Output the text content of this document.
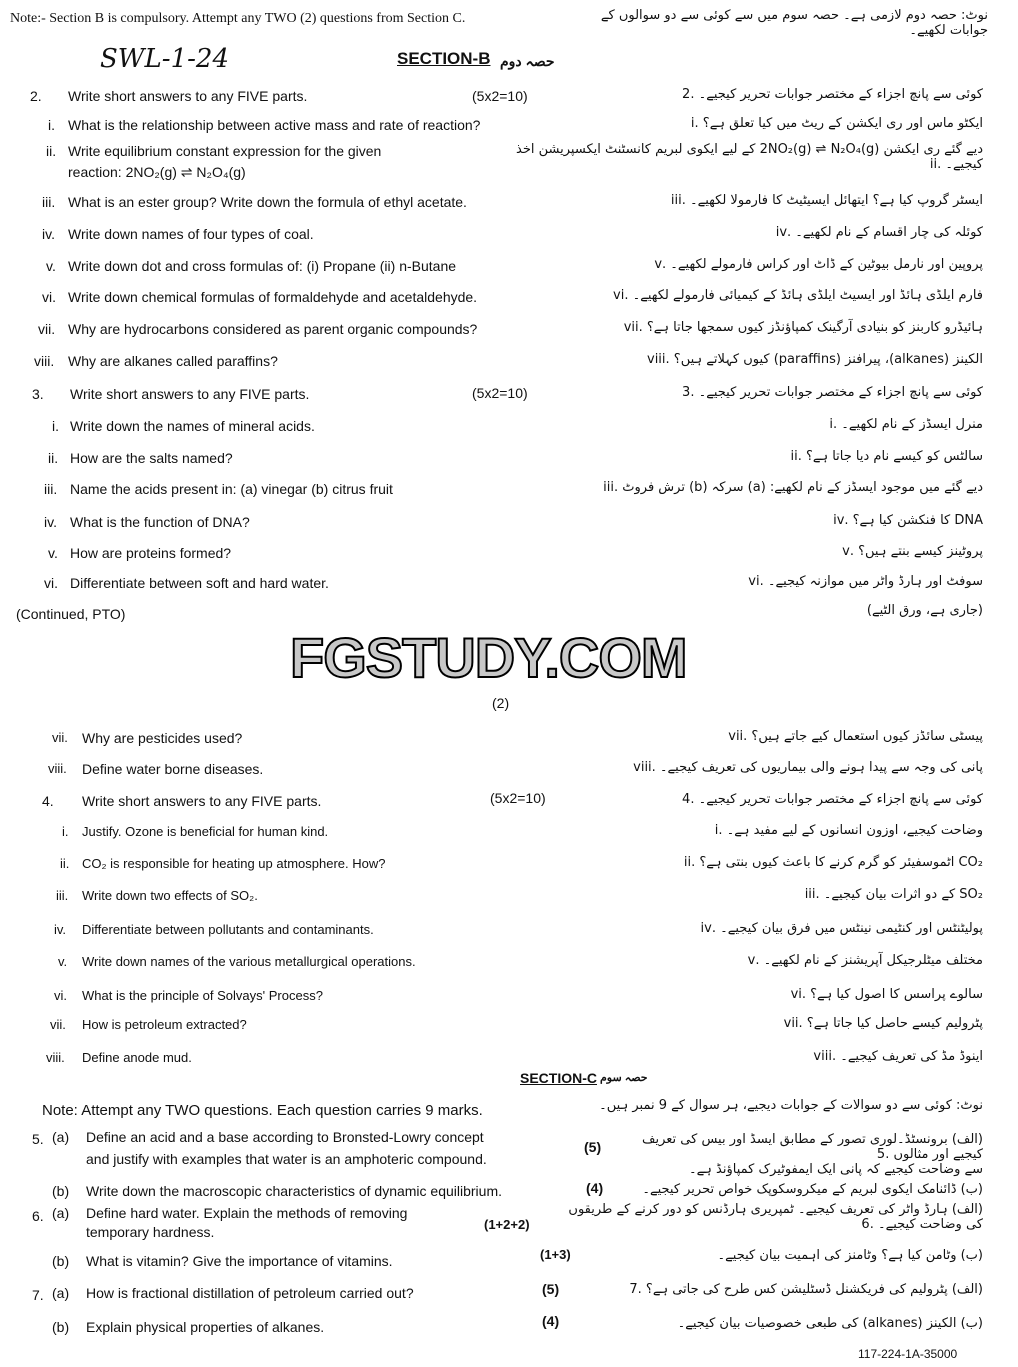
FGSTUDY.COM
Note:- Section B is compulsory. Attempt any TWO (2) questions from Section C.	نوٹ: حصہ دوم لازمی ہے۔ حصہ سوم میں سے کوئی سے دو سوالوں کے جوابات لکھیے۔
SWL-1-24	SECTION-B حصہ دوم
2. Write short answers to any FIVE parts.	(5x2=10)	کوئی سے پانچ اجزاء کے مختصر جوابات تحریر کیجیے۔ .2
i. What is the relationship between active mass and rate of reaction?	ایکٹو ماس اور ری ایکشن کے ریٹ میں کیا تعلق ہے؟ .i
ii. Write equilibrium constant expression for the given
reaction: 2NO₂(g) ⇌ N₂O₄(g)
دیے گئے ری ایکشن 2NO₂(g) ⇌ N₂O₄(g) کے لیے ایکوی لبریم کانسٹنٹ ایکسپریشن اخذ کیجیے۔ .ii
iii. What is an ester group? Write down the formula of ethyl acetate.	ایسٹر گروپ کیا ہے؟ ایتھائل ایسیٹیٹ کا فارمولا لکھیے۔ .iii
iv. Write down names of four types of coal.	کوئلہ کی چار اقسام کے نام لکھیے۔ .iv
v. Write down dot and cross formulas of: (i) Propane (ii) n-Butane	پروپین اور نارمل بیوٹین کے ڈاٹ اور کراس فارمولے لکھیے۔ .v
vi. Write down chemical formulas of formaldehyde and acetaldehyde.	فارم ایلڈی ہائڈ اور ایسیٹ ایلڈی ہائڈ کے کیمیائی فارمولے لکھیے۔ .vi
vii. Why are hydrocarbons considered as parent organic compounds?	ہائیڈرو کاربنز کو بنیادی آرگینک کمپاؤنڈز کیوں سمجھا جاتا ہے؟ .vii
viii. Why are alkanes called paraffins?	الکینز (alkanes)، پیرافنز (paraffins) کیوں کہلاتے ہیں؟ .viii
3. Write short answers to any FIVE parts.	(5x2=10)	کوئی سے پانچ اجزاء کے مختصر جوابات تحریر کیجیے۔ .3
i. Write down the names of mineral acids.	منرل ایسڈز کے نام لکھیے۔ .i
ii. How are the salts named?	سالٹس کو کیسے نام دیا جاتا ہے؟ .ii
iii. Name the acids present in: (a) vinegar (b) citrus fruit	دیے گئے میں موجود ایسڈز کے نام لکھیے: (a) سرکہ (b) ترش فروٹ .iii
iv. What is the function of DNA?	DNA کا فنکشن کیا ہے؟ .iv
v. How are proteins formed?	پروٹینز کیسے بنتے ہیں؟ .v
vi. Differentiate between soft and hard water.	سوفٹ اور ہارڈ واٹر میں موازنہ کیجیے۔ .vi
(Continued, PTO)	(جاری ہے، ورق الٹیے)
(2)
vii. Why are pesticides used?	پیسٹی سائڈز کیوں استعمال کیے جاتے ہیں؟ .vii
viii. Define water borne diseases.	پانی کی وجہ سے پیدا ہونے والی بیماریوں کی تعریف کیجیے۔ .viii
4. Write short answers to any FIVE parts.	(5x2=10)	کوئی سے پانچ اجزاء کے مختصر جوابات تحریر کیجیے۔ .4
i. Justify. Ozone is beneficial for human kind.	وضاحت کیجیے، اوزون انسانوں کے لیے مفید ہے۔ .i
ii. CO₂ is responsible for heating up atmosphere. How?	CO₂ اٹموسفیئر کو گرم کرنے کا باعث کیوں بنتی ہے؟ .ii
iii. Write down two effects of SO₂.	SO₂ کے دو اثرات بیان کیجیے۔ .iii
iv. Differentiate between pollutants and contaminants.	پولیٹنٹس اور کنٹیمی نینٹس میں فرق بیان کیجیے۔ .iv
v. Write down names of the various metallurgical operations.	مختلف میٹلرجیکل آپریشنز کے نام لکھیے۔ .v
vi. What is the principle of Solvays' Process?	سالوے پراسس کا اصول کیا ہے؟ .vi
vii. How is petroleum extracted?	پٹرولیم کیسے حاصل کیا جاتا ہے؟ .vii
viii. Define anode mud.	اینوڈ مڈ کی تعریف کیجیے۔ .viii
SECTION-C حصہ سوم
Note: Attempt any TWO questions. Each question carries 9 marks.	نوٹ: کوئی سے دو سوالات کے جوابات دیجیے، ہر سوال کے 9 نمبر ہیں۔
5. (a) Define an acid and a base according to Bronsted-Lowry concept
and justify with examples that water is an amphoteric compound.
(5)	(الف) برونسٹڈ۔لوری تصور کے مطابق ایسڈ اور بیس کی تعریف کیجیے اور مثالوں .5
سے وضاحت کیجیے کہ پانی ایک ایمفوٹیرک کمپاؤنڈ ہے۔
(b) Write down the macroscopic characteristics of dynamic equilibrium.	(4)	(ب) ڈائنامک ایکوی لبریم کے میکروسکوپک خواص تحریر کیجیے۔
6. (a) Define hard water. Explain the methods of removing
temporary hardness.	(1+2+2)
(الف) ہارڈ واٹر کی تعریف کیجیے۔ ٹمپریری ہارڈنس کو دور کرنے کے طریقوں کی وضاحت کیجیے۔ .6
(b) What is vitamin? Give the importance of vitamins.	(1+3)	(ب) وٹامن کیا ہے؟ وٹامنز کی اہمیت بیان کیجیے۔
7. (a) How is fractional distillation of petroleum carried out?	(5)	(الف) پٹرولیم کی فریکشنل ڈسٹلیشن کس طرح کی جاتی ہے؟ .7
(b) Explain physical properties of alkanes.	(4)	(ب) الکینز (alkanes) کی طبعی خصوصیات بیان کیجیے۔
117-224-1A-35000
